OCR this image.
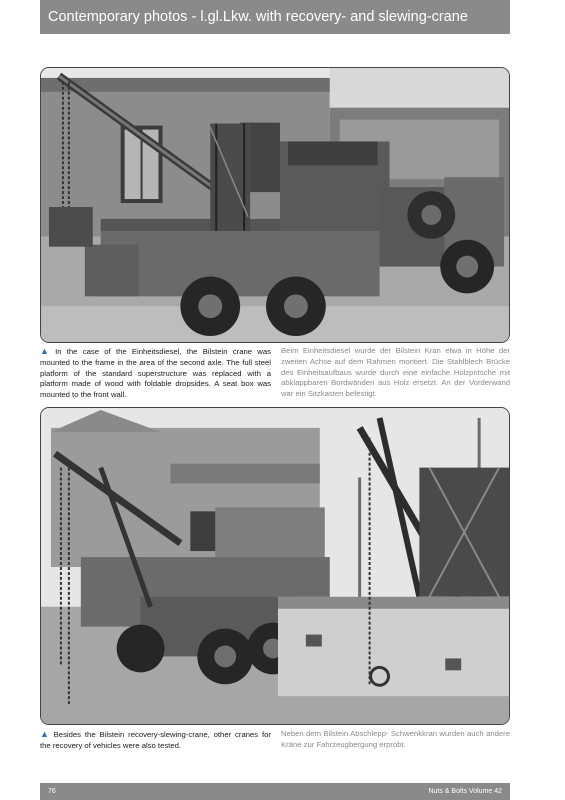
Contemporary photos - l.gl.Lkw. with recovery- and slewing-crane
▲ In the case of the Einheitsdiesel, the Bilstein crane was mounted to the frame in the area of the second axle. The full steel platform of the standard superstructure was replaced with a platform made of wood with foldable dropsides. A seat box was mounted to the front wall.
Beim Einheitsdiesel wurde der Bilstein Kran etwa in Höhe der zweiten Achse auf dem Rahmen montiert. Die Stahlblech Brücke des Einheitsaufbaus wurde durch eine einfache Holzpritsche mit abklappbaren Bordwänden aus Holz ersetzt. An der Vorderwand war ein Sitzkasten befestigt.
▲ Besides the Bilstein recovery-slewing-crane, other cranes for the recovery of vehicles were also tested.
Neben dem Bilstein Abschlepp- Schwenkkran wurden auch andere Kräne zur Fahrzeugbergung erprobt.
76	Nuts & Bolts Volume 42
